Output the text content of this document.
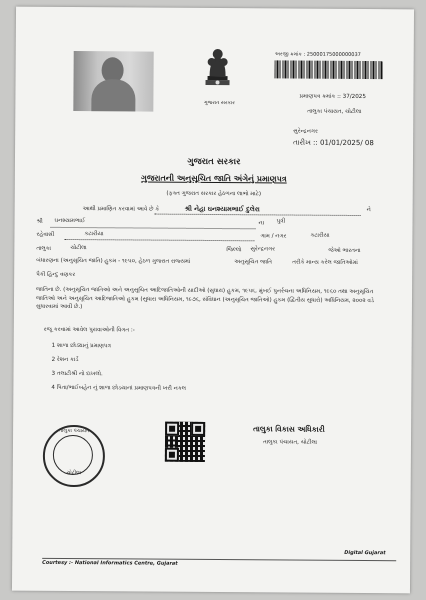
ગુજરાત સરકાર
અરજી ક્રમાંક : 25000175000000037
પ્રમાણપત્ર ક્રમાંક :: 37/2025
તાલુકા પંચાયત, ચોટીલા
સુરેન્દ્રનગર
તારીખ :: 01/01/2025/ 08
ગુજરાત સરકાર
ગુજરાતની અનુસૂચિત જાતિ અંગેનું પ્રમાણપત્ર
(ફક્ત ગુજરાત સરકાર હેઠળના લાભો માટે)
આથી પ્રમાણિત કરવામાં આવે છે કે	શ્રી નેહા ઘનશ્યામભાઈ દુલેરા	ને
શ્રી ઘનશ્યામભાઈ	ના પુત્રી
રહેવાસી	કટારીયા	ગામ / નગર	કટારીયા
તાલુકા	ચોટીલા	જિલ્લો સુરેન્દ્રનગર	જેઓ ભારતના
બંધારણના (અનુસૂચિત જાતિ) હુકમ - ૧૯૫૦, હેઠળ ગુજરાત રાજ્યમાં	અનુસૂચિત જાતિ	તરીકે માન્ય કરેલ જાતિઓમાં
પૈકી હિન્દુ વણકર
જાતિના છે. (અનુસૂચિત જાતિઓ અને અનુસૂચિત આદિજાતિઓની યાદીઓ (સુધારા) હુકમ, ૧૯૫૬, મુંબઈ પુનર્રચના અધિનિયમ, ૧૯૬૦ તથા અનુસૂચિત જાતિઓ અને અનુસૂચિત આદિજાતિઓ હુકમ (સુધારા અધિનિયમ, ૧૯૭૬, સંવિધાન (અનુસૂચિત જાતિઓ) હુકમ (દ્વિતીય સુધારો) અધિનિયમ, ૨૦૦૨ વડે સુધારવામાં આવી છે.)
રજૂ કરવામાં આવેલ પુરાવાઓની વિગત :-
1 શાળા છોડ્યાનું પ્રમાણપત્ર
2 રેશન કાર્ડ
3 તલાટીશ્રી નો દાખલો.
4 પિતા/ભાઈબહેન નું શાળા છોડયાનાં પ્રમાણપત્રની ખરી નકલ
તાલુકા પંચાયત
ચોટીલા
તાલુકા વિકાસ અધિકારી
તાલુકા પંચાયત, ચોટીલા
Courtesy :- National Informatics Centre, Gujarat
Digital Gujarat
